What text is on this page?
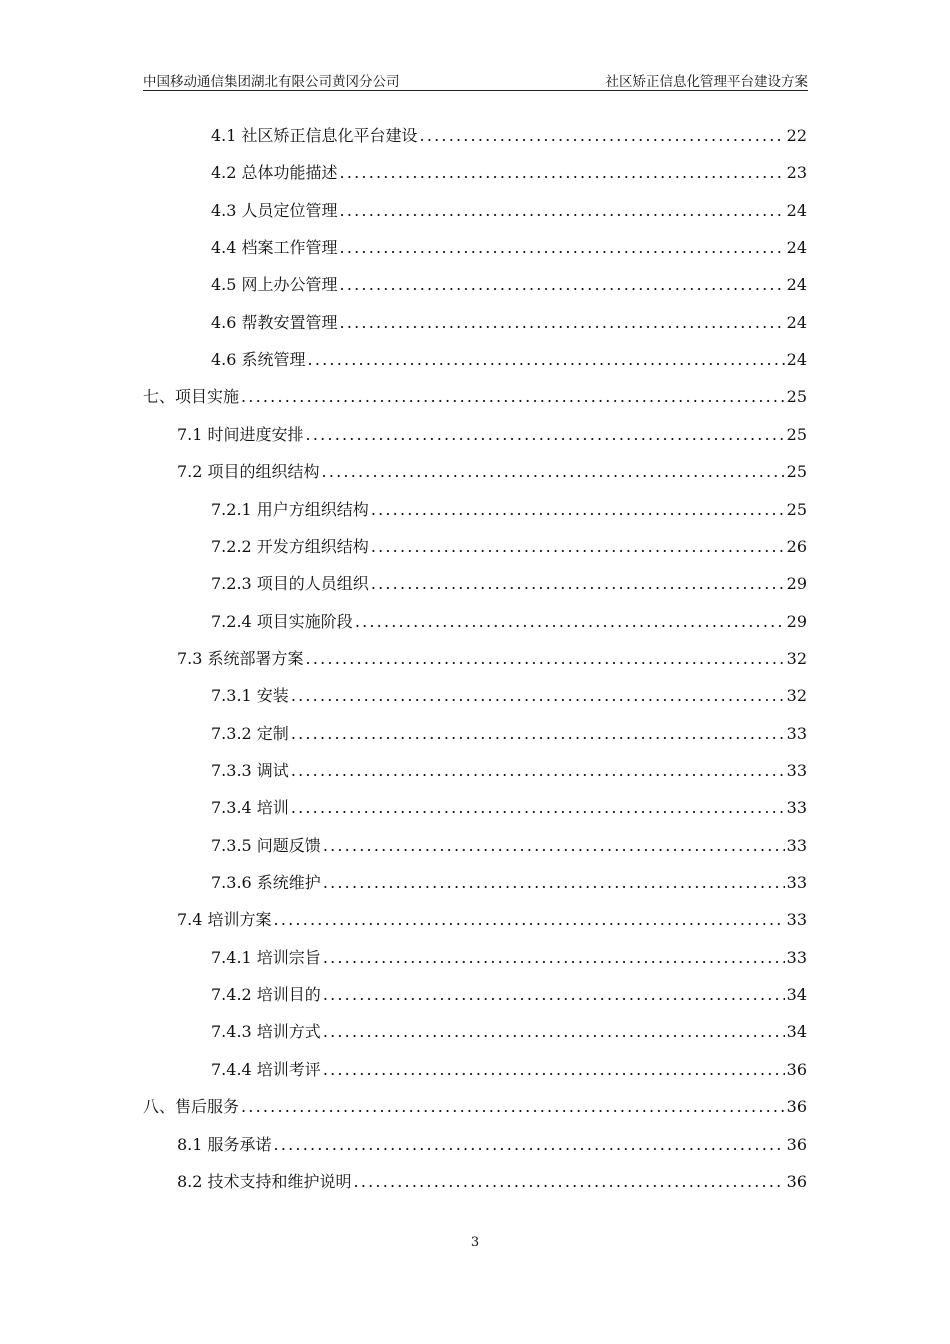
中国移动通信集团湖北有限公司黄冈分公司	社区矫正信息化管理平台建设方案
4.1 社区矫正信息化平台建设 .....	22
4.2 总体功能描述 .....	23
4.3 人员定位管理 .....	24
4.4 档案工作管理 .....	24
4.5 网上办公管理 .....	24
4.6 帮教安置管理 .....	24
4.6 系统管理 .....	24
七、项目实施 .....	25
7.1 时间进度安排 .....	25
7.2 项目的组织结构 .....	25
7.2.1 用户方组织结构 .....	25
7.2.2 开发方组织结构 .....	26
7.2.3 项目的人员组织 .....	29
7.2.4 项目实施阶段 .....	29
7.3 系统部署方案 .....	32
7.3.1 安装 .....	32
7.3.2 定制 .....	33
7.3.3 调试 .....	33
7.3.4 培训 .....	33
7.3.5 问题反馈 .....	33
7.3.6 系统维护 .....	33
7.4 培训方案 .....	33
7.4.1 培训宗旨 .....	33
7.4.2 培训目的 .....	34
7.4.3 培训方式 .....	34
7.4.4 培训考评 .....	36
八、售后服务 .....	36
8.1 服务承诺 .....	36
8.2 技术支持和维护说明 .....	36
3
